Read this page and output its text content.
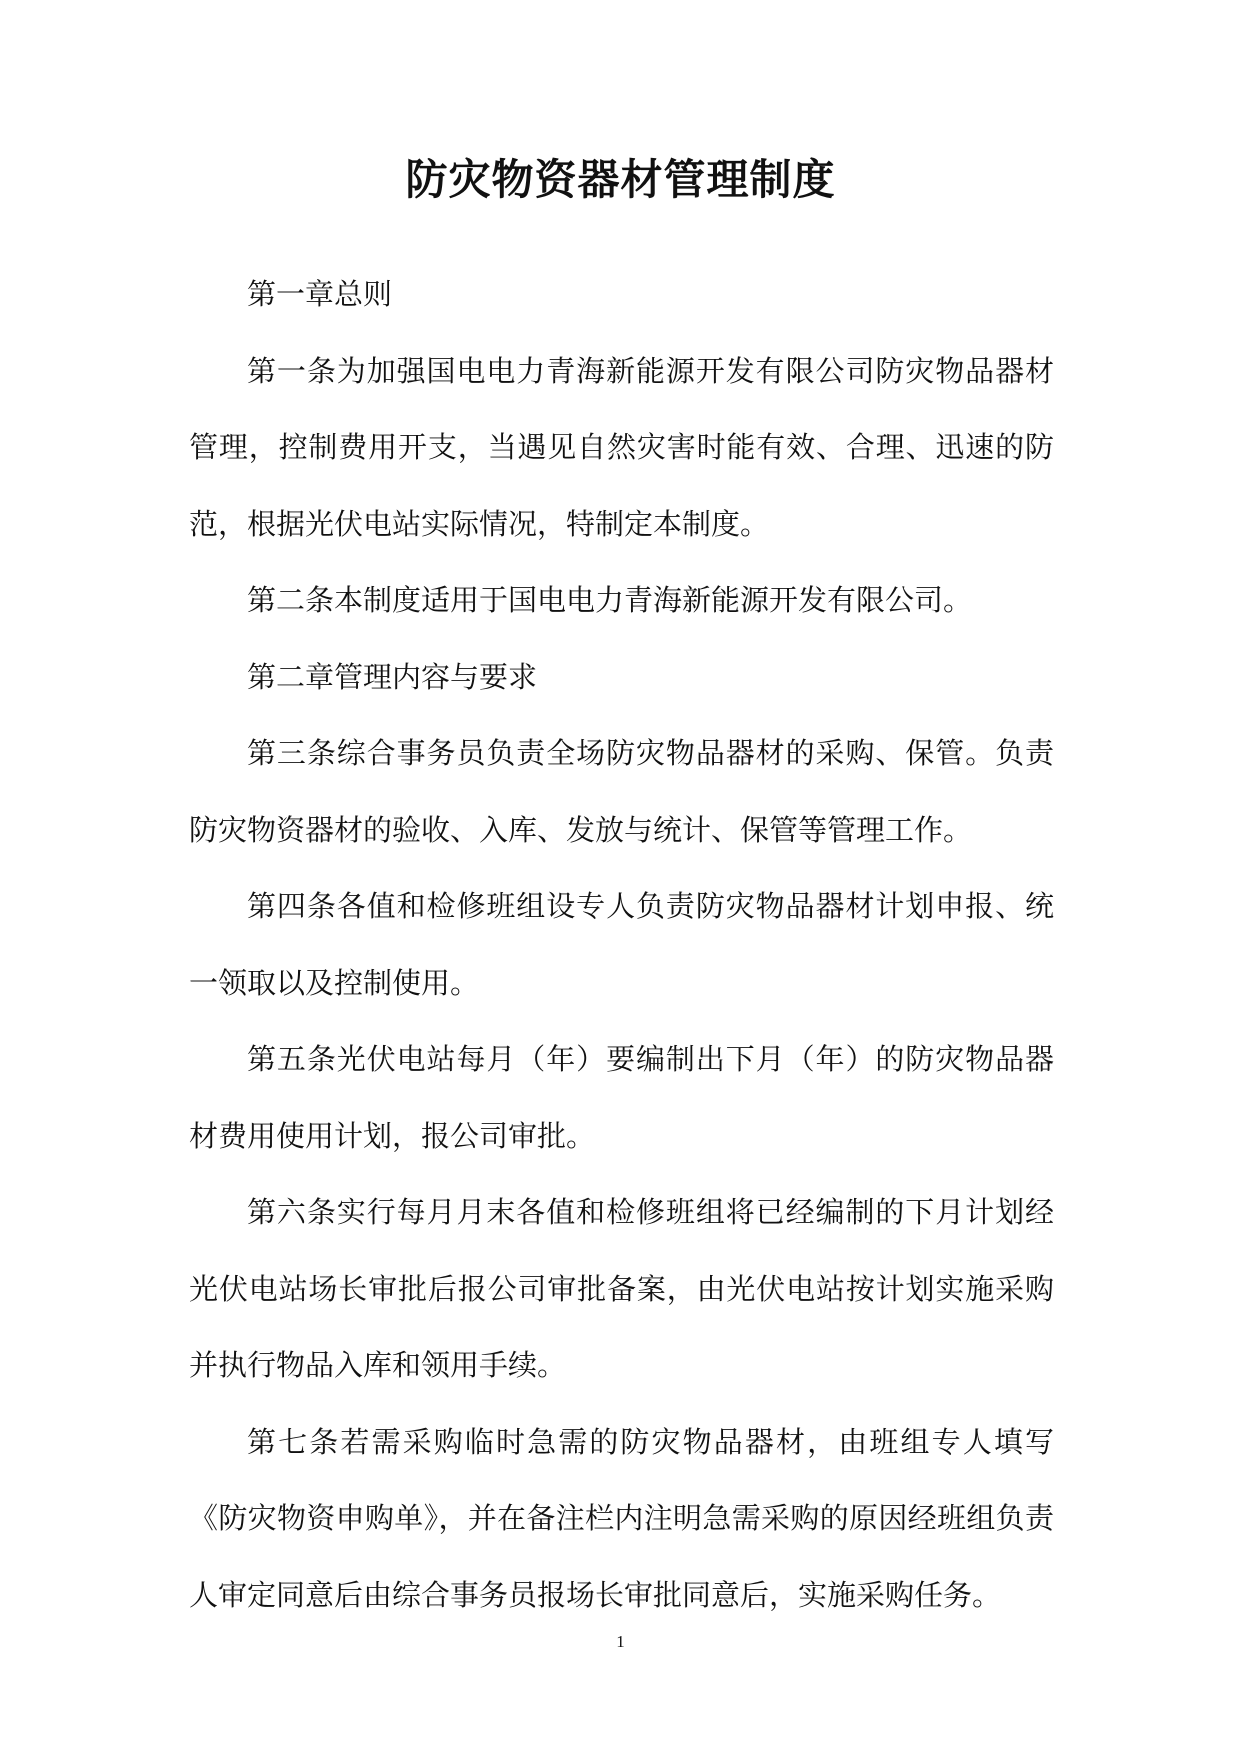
防灾物资器材管理制度

第一章总则

第一条为加强国电电力青海新能源开发有限公司防灾物品器材管理，控制费用开支，当遇见自然灾害时能有效、合理、迅速的防范，根据光伏电站实际情况，特制定本制度。

第二条本制度适用于国电电力青海新能源开发有限公司。

第二章管理内容与要求

第三条综合事务员负责全场防灾物品器材的采购、保管。负责防灾物资器材的验收、入库、发放与统计、保管等管理工作。

第四条各值和检修班组设专人负责防灾物品器材计划申报、统一领取以及控制使用。

第五条光伏电站每月（年）要编制出下月（年）的防灾物品器材费用使用计划，报公司审批。

第六条实行每月月末各值和检修班组将已经编制的下月计划经光伏电站场长审批后报公司审批备案，由光伏电站按计划实施采购并执行物品入库和领用手续。

第七条若需采购临时急需的防灾物品器材，由班组专人填写《防灾物资申购单》，并在备注栏内注明急需采购的原因经班组负责人审定同意后由综合事务员报场长审批同意后，实施采购任务。

1
